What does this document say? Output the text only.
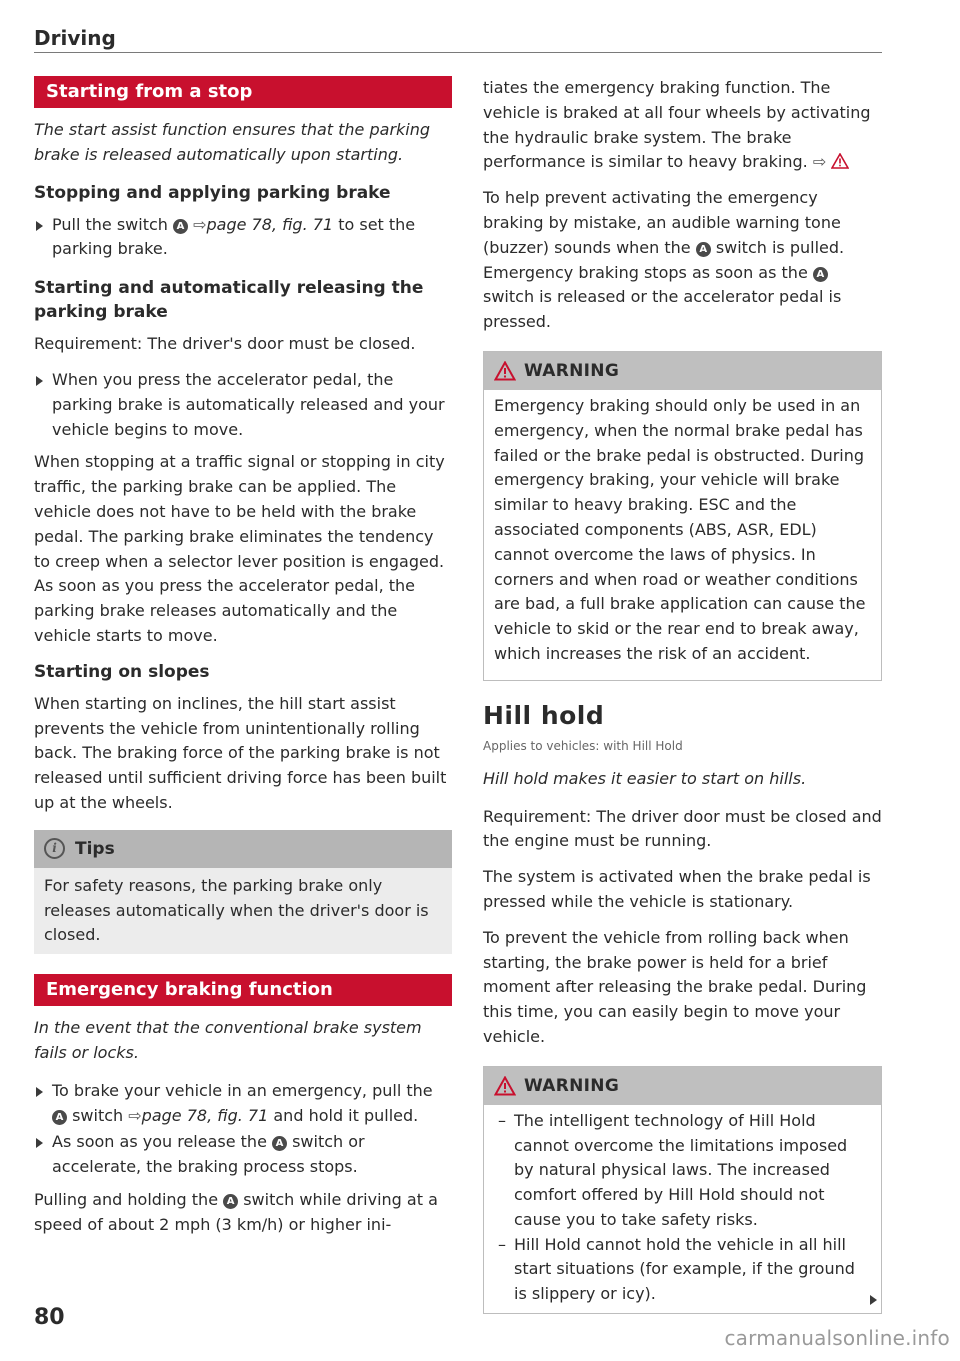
Driving
Starting from a stop

The start assist function ensures that the parking brake is released automatically upon starting.

Stopping and applying parking brake

Pull the switch A ⇨page 78, fig. 71 to set the parking brake.

Starting and automatically releasing the parking brake

Requirement: The driver's door must be closed.

When you press the accelerator pedal, the parking brake is automatically released and your vehicle begins to move.

When stopping at a traffic signal or stopping in city traffic, the parking brake can be applied. The vehicle does not have to be held with the brake pedal. The parking brake eliminates the tendency to creep when a selector lever position is engaged. As soon as you press the accelerator pedal, the parking brake releases automatically and the vehicle starts to move.

Starting on slopes

When starting on inclines, the hill start assist prevents the vehicle from unintentionally rolling back. The braking force of the parking brake is not released until sufficient driving force has been built up at the wheels.

i	Tips

For safety reasons, the parking brake only releases automatically when the driver's door is closed.

Emergency braking function

In the event that the conventional brake system fails or locks.

To brake your vehicle in an emergency, pull the A switch ⇨page 78, fig. 71 and hold it pulled.

As soon as you release the A switch or accelerate, the braking process stops.

Pulling and holding the A switch while driving at a speed of about 2 mph (3 km/h) or higher ini-

tiates the emergency braking function. The vehicle is braked at all four wheels by activating the hydraulic brake system. The brake performance is similar to heavy braking. ⇨

To help prevent activating the emergency braking by mistake, an audible warning tone (buzzer) sounds when the A switch is pulled. Emergency braking stops as soon as the A switch is released or the accelerator pedal is pressed.

WARNING

Emergency braking should only be used in an emergency, when the normal brake pedal has failed or the brake pedal is obstructed. During emergency braking, your vehicle will brake similar to heavy braking. ESC and the associated components (ABS, ASR, EDL) cannot overcome the laws of physics. In corners and when road or weather conditions are bad, a full brake application can cause the vehicle to skid or the rear end to break away, which increases the risk of an accident.

Hill hold

Applies to vehicles: with Hill Hold

Hill hold makes it easier to start on hills.

Requirement: The driver door must be closed and the engine must be running.

The system is activated when the brake pedal is pressed while the vehicle is stationary.

To prevent the vehicle from rolling back when starting, the brake power is held for a brief moment after releasing the brake pedal. During this time, you can easily begin to move your vehicle.

WARNING

– The intelligent technology of Hill Hold cannot overcome the limitations imposed by natural physical laws. The increased comfort offered by Hill Hold should not cause you to take safety risks.

– Hill Hold cannot hold the vehicle in all hill start situations (for example, if the ground is slippery or icy).

80
carmanualsonline.info
